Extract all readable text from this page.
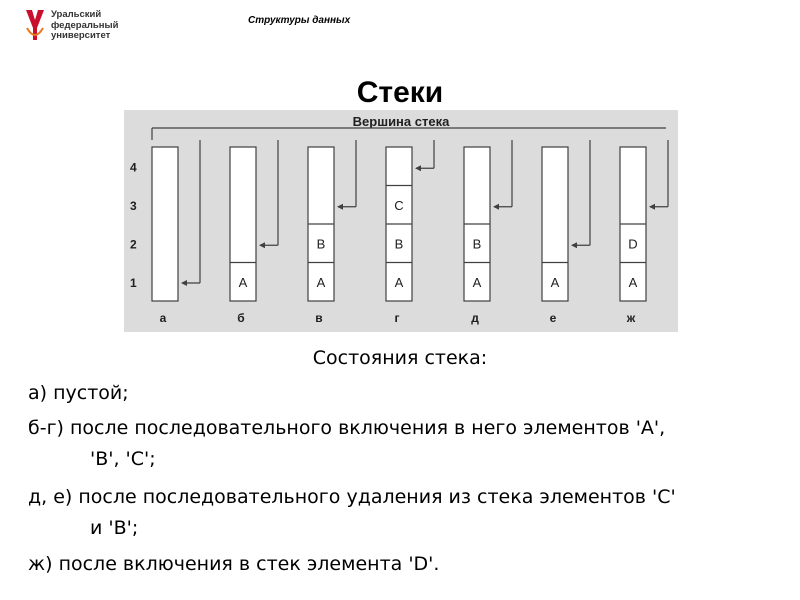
Уральский
федеральный
университет
Структуры данных
Стеки
Вершина стека
1
2
3
4
а
A
б
A
B
в
A
B
C
г
A
B
д
A
е
A
D
ж
Состояния стека:
а) пустой;
б-г) после последовательного включения в него элементов 'A',
'B', 'C';
д, е) после последовательного удаления из стека элементов 'C'
и 'B';
ж) после включения в стек элемента 'D'.
